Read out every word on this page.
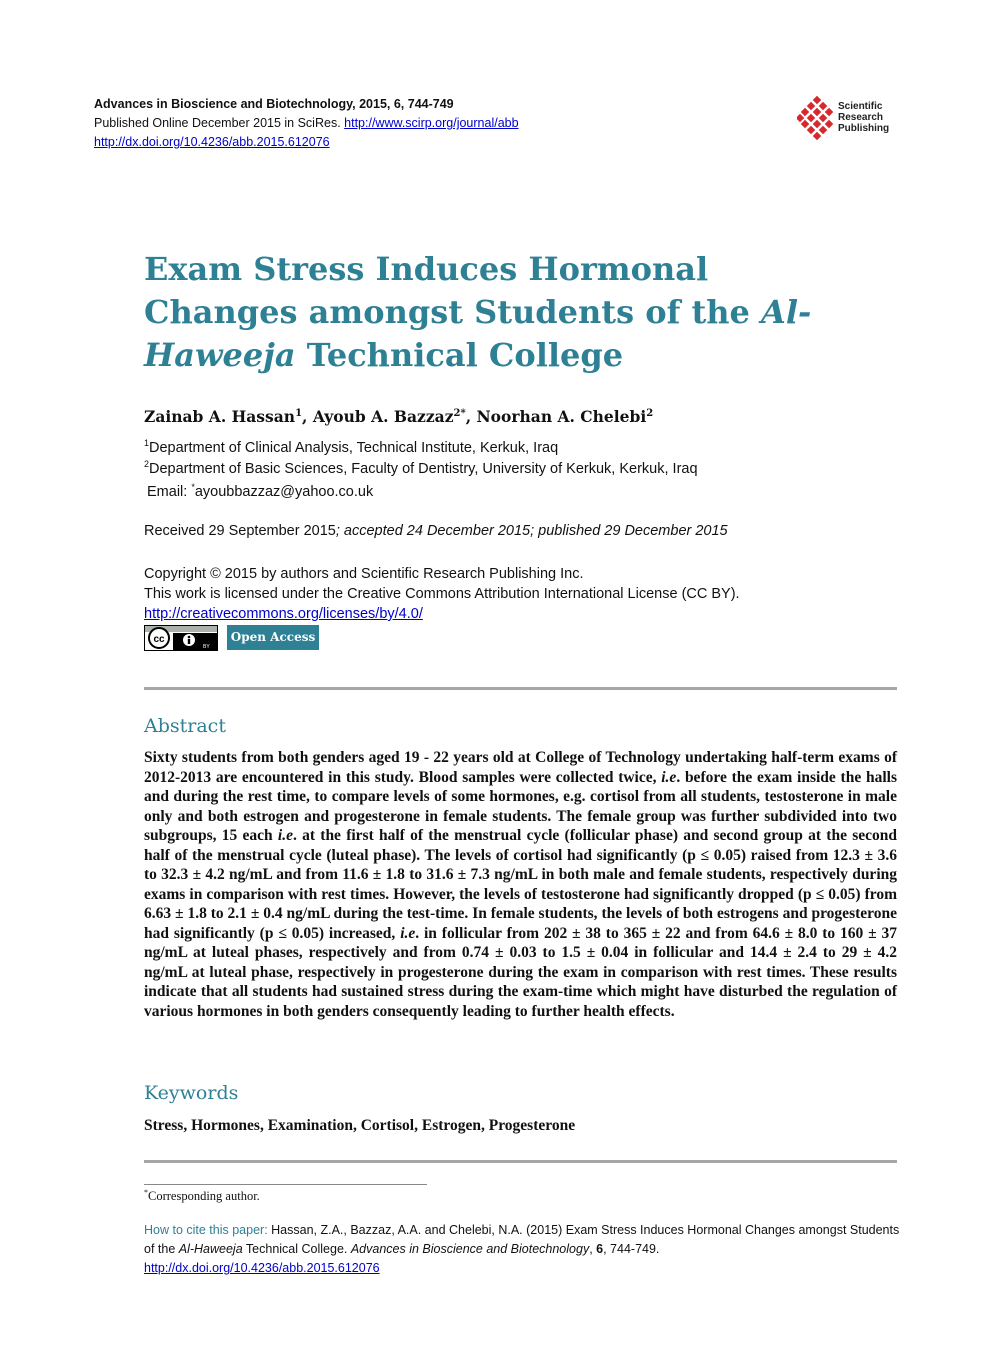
Advances in Bioscience and Biotechnology, 2015, 6, 744-749
Published Online December 2015 in SciRes. http://www.scirp.org/journal/abb
http://dx.doi.org/10.4236/abb.2015.612076
Scientific
Research
Publishing
Exam Stress Induces Hormonal Changes amongst Students of the Al-Haweeja Technical College
Zainab A. Hassan$^1$, Ayoub A. Bazzaz$^{2*}$, Noorhan A. Chelebi$^2$
$^1$Department of Clinical Analysis, Technical Institute, Kerkuk, Iraq
$^2$Department of Basic Sciences, Faculty of Dentistry, University of Kerkuk, Kerkuk, Iraq
Email: *ayoubbazzaz@yahoo.co.uk
Received 29 September 2015; accepted 24 December 2015; published 29 December 2015
Copyright © 2015 by authors and Scientific Research Publishing Inc.
This work is licensed under the Creative Commons Attribution International License (CC BY).
http://creativecommons.org/licenses/by/4.0/
cc
BY
Open Access
Abstract
Sixty students from both genders aged 19 - 22 years old at College of Technology undertaking half-term exams of 2012-2013 are encountered in this study. Blood samples were collected twice, i.e. before the exam inside the halls and during the rest time, to compare levels of some hormones, e.g. cortisol from all students, testosterone in male only and both estrogen and progesterone in female students. The female group was further subdivided into two subgroups, 15 each i.e. at the first half of the menstrual cycle (follicular phase) and second group at the second half of the menstrual cycle (luteal phase). The levels of cortisol had significantly (p ≤ 0.05) raised from 12.3 ± 3.6 to 32.3 ± 4.2 ng/mL and from 11.6 ± 1.8 to 31.6 ± 7.3 ng/mL in both male and female students, respectively during exams in comparison with rest times. However, the levels of testosterone had significantly dropped (p ≤ 0.05) from 6.63 ± 1.8 to 2.1 ± 0.4 ng/mL during the test-time. In female students, the levels of both estrogens and progesterone had significantly (p ≤ 0.05) increased, i.e. in follicular from 202 ± 38 to 365 ± 22 and from 64.6 ± 8.0 to 160 ± 37 ng/mL at luteal phases, respectively and from 0.74 ± 0.03 to 1.5 ± 0.04 in follicular and 14.4 ± 2.4 to 29 ± 4.2 ng/mL at luteal phase, respectively in progesterone during the exam in comparison with rest times. These results indicate that all students had sustained stress during the exam-time which might have disturbed the regulation of various hormones in both genders consequently leading to further health effects.
Keywords
Stress, Hormones, Examination, Cortisol, Estrogen, Progesterone
*Corresponding author.
How to cite this paper: Hassan, Z.A., Bazzaz, A.A. and Chelebi, N.A. (2015) Exam Stress Induces Hormonal Changes amongst Students of the Al-Haweeja Technical College. Advances in Bioscience and Biotechnology, 6, 744-749.
http://dx.doi.org/10.4236/abb.2015.612076
